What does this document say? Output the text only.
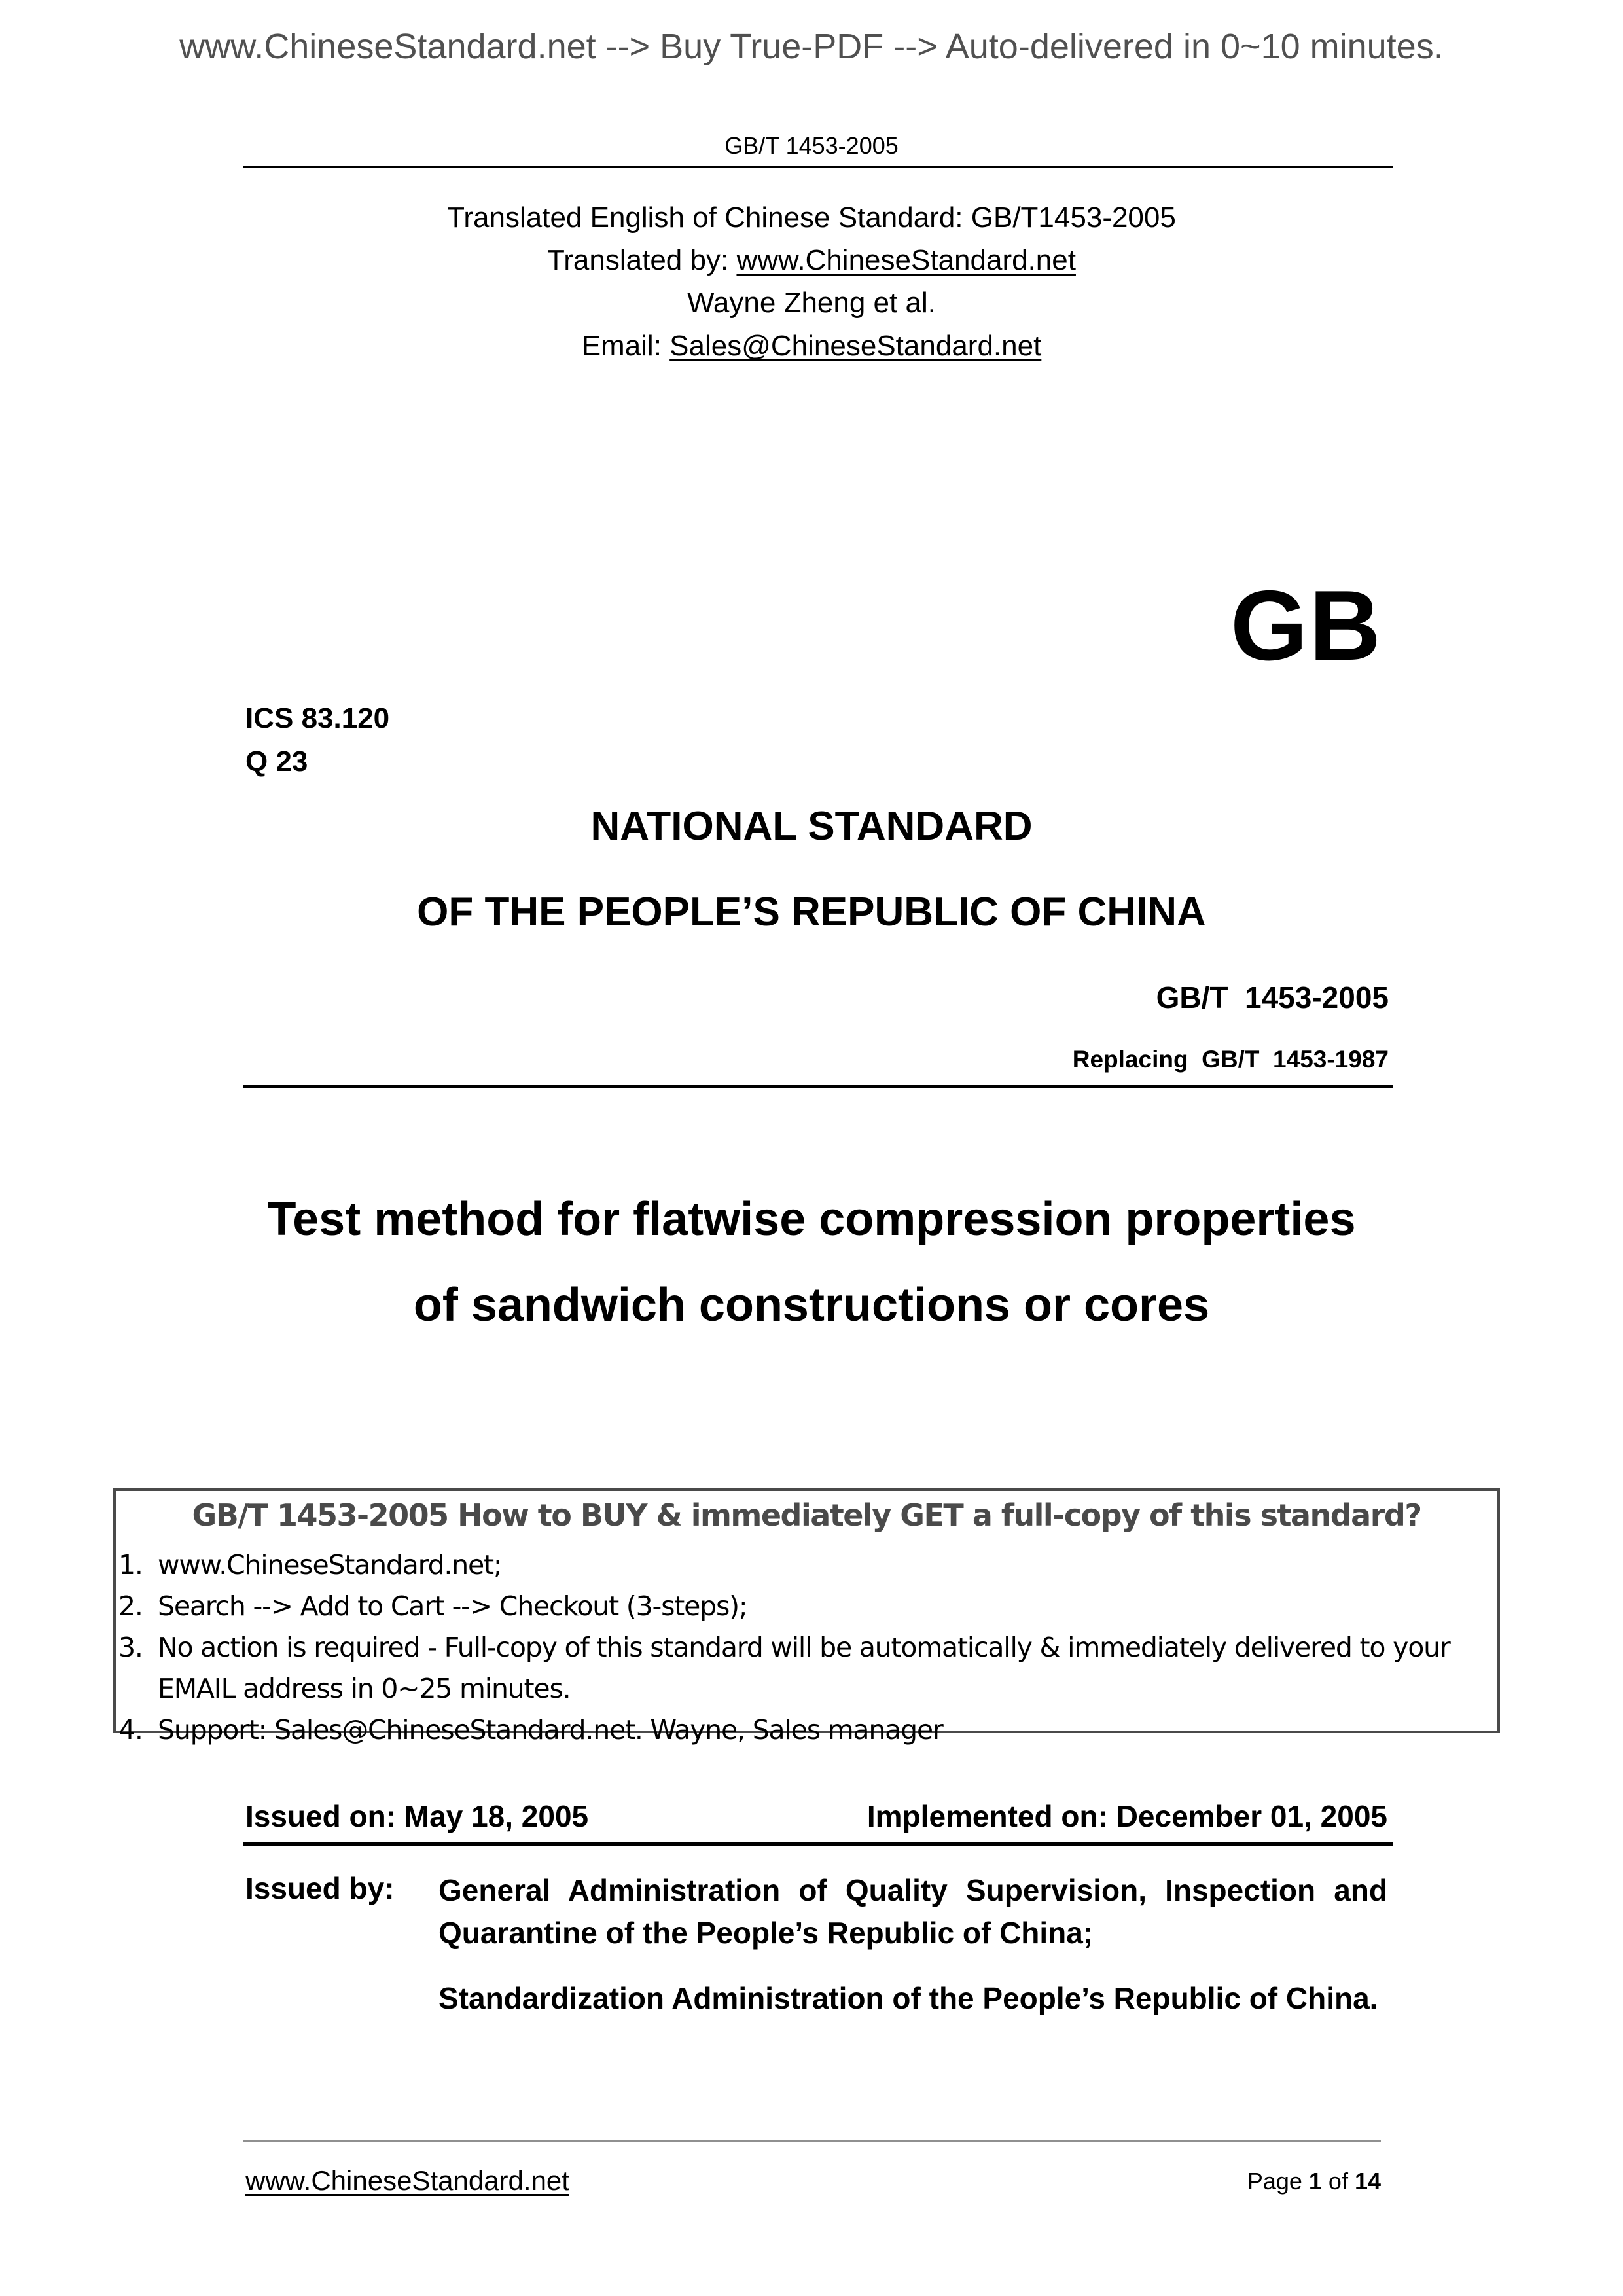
www.ChineseStandard.net --> Buy True-PDF --> Auto-delivered in 0~10 minutes.
GB/T 1453-2005
Translated English of Chinese Standard: GB/T1453-2005
Translated by: www.ChineseStandard.net
Wayne Zheng et al.
Email: Sales@ChineseStandard.net
GB
ICS 83.120
Q 23
NATIONAL STANDARD
OF THE PEOPLE’S REPUBLIC OF CHINA
GB/T  1453-2005
Replacing  GB/T  1453-1987
Test method for flatwise compression properties
of sandwich constructions or cores
GB/T 1453-2005 How to BUY & immediately GET a full-copy of this standard?
1. www.ChineseStandard.net;
2. Search --> Add to Cart --> Checkout (3-steps);
3. No action is required - Full-copy of this standard will be automatically & immediately delivered to your EMAIL address in 0~25 minutes.
4. Support: Sales@ChineseStandard.net. Wayne, Sales manager
Issued on: May 18, 2005	Implemented on: December 01, 2005
Issued by: General Administration of Quality Supervision, Inspection and Quarantine of the People’s Republic of China;

Standardization Administration of the People’s Republic of China.

www.ChineseStandard.net	Page 1 of 14
